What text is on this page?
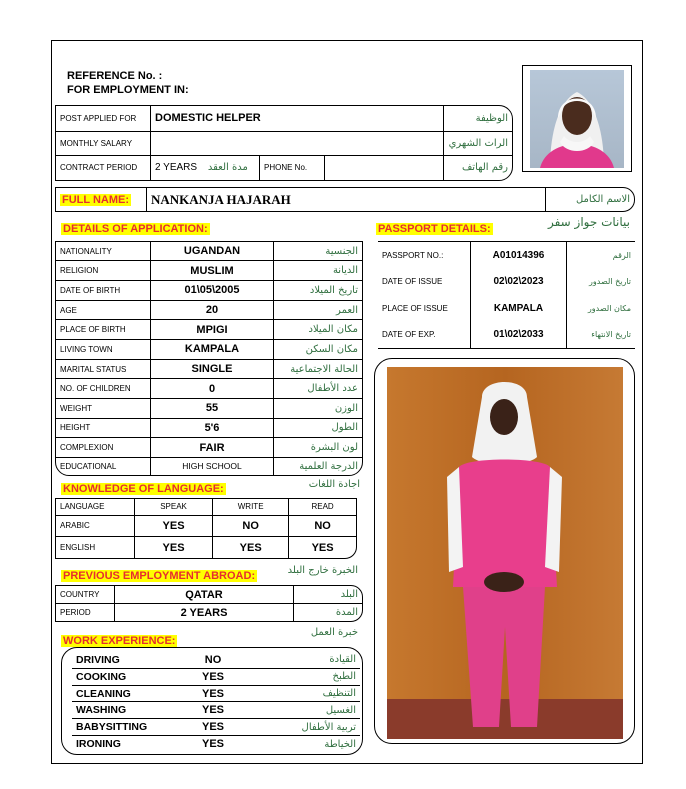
REFERENCE No. :
FOR EMPLOYMENT IN:
POST APPLIED FOR	DOMESTIC HELPER			الوظيفة
MONTHLY SALARY				الرات الشهري
CONTRACT PERIOD	2 YEARS مدة العقد	PHONE No.		رقم الهاتف
FULL NAME:	NANKANJA HAJARAH	الاسم الكامل
DETAILS OF APPLICATION:	PASSPORT DETAILS:	بيانات جواز سفر
NATIONALITY	UGANDAN	الجنسية
RELIGION	MUSLIM	الديانة
DATE OF BIRTH	01\05\2005	تاريخ الميلاد
AGE	20	العمر
PLACE OF BIRTH	MPIGI	مكان الميلاد
LIVING TOWN	KAMPALA	مكان السكن
MARITAL STATUS	SINGLE	الحالة الاجتماعية
NO. OF CHILDREN	0	عدد الأطفال
WEIGHT	55	الوزن
HEIGHT	5'6	الطول
COMPLEXION	FAIR	لون البشرة
EDUCATIONAL	HIGH SCHOOL	الدرجة العلمية
PASSPORT NO.:	A01014396	الرقم
DATE OF ISSUE	02\02\2023	تاريخ الصدور
PLACE OF ISSUE	KAMPALA	مكان الصدور
DATE OF EXP.	01\02\2033	تاريخ الانتهاء
KNOWLEDGE OF LANGUAGE:	اجادة اللغات
LANGUAGE	SPEAK	WRITE	READ
ARABIC	YES	NO	NO
ENGLISH	YES	YES	YES
PREVIOUS EMPLOYMENT ABROAD:	الخبرة خارج البلد
COUNTRY	QATAR	البلد
PERIOD	2 YEARS	المدة
WORK EXPERIENCE:
خبرة العمل
DRIVING	NO	القيادة
COOKING	YES	الطبخ
CLEANING	YES	التنظيف
WASHING	YES	الغسيل
BABYSITTING	YES	تربية الأطفال
IRONING	YES	الخياطة
